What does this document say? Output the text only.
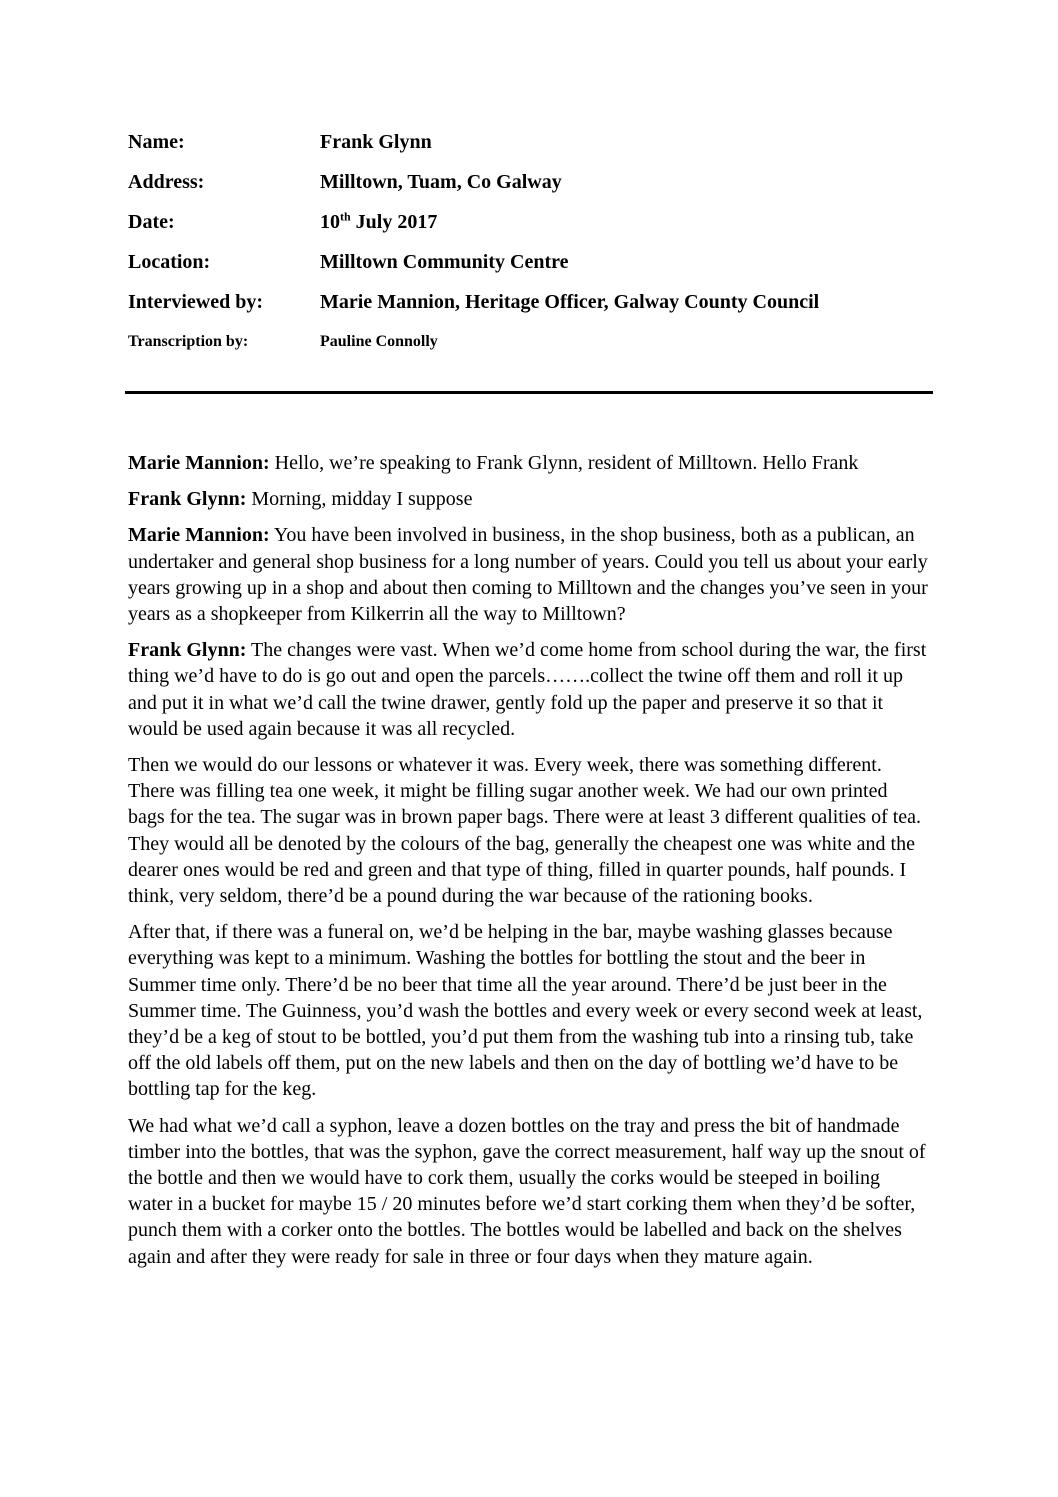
Name:	Frank Glynn
Address:	Milltown, Tuam, Co Galway
Date:	10th July 2017
Location:	Milltown Community Centre
Interviewed by:	Marie Mannion, Heritage Officer, Galway County Council
Transcription by:	Pauline Connolly

Marie Mannion: Hello, we’re speaking to Frank Glynn, resident of Milltown. Hello Frank

Frank Glynn: Morning, midday I suppose

Marie Mannion: You have been involved in business, in the shop business, both as a publican, an undertaker and general shop business for a long number of years. Could you tell us about your early years growing up in a shop and about then coming to Milltown and the changes you’ve seen in your years as a shopkeeper from Kilkerrin all the way to Milltown?

Frank Glynn: The changes were vast. When we’d come home from school during the war, the first thing we’d have to do is go out and open the parcels…….collect the twine off them and roll it up and put it in what we’d call the twine drawer, gently fold up the paper and preserve it so that it would be used again because it was all recycled.

Then we would do our lessons or whatever it was. Every week, there was something different. There was filling tea one week, it might be filling sugar another week. We had our own printed bags for the tea. The sugar was in brown paper bags. There were at least 3 different qualities of tea. They would all be denoted by the colours of the bag, generally the cheapest one was white and the dearer ones would be red and green and that type of thing, filled in quarter pounds, half pounds. I think, very seldom, there’d be a pound during the war because of the rationing books.

After that, if there was a funeral on, we’d be helping in the bar, maybe washing glasses because everything was kept to a minimum. Washing the bottles for bottling the stout and the beer in Summer time only. There’d be no beer that time all the year around. There’d be just beer in the Summer time. The Guinness, you’d wash the bottles and every week or every second week at least, they’d be a keg of stout to be bottled, you’d put them from the washing tub into a rinsing tub, take off the old labels off them, put on the new labels and then on the day of bottling we’d have to be bottling tap for the keg.

We had what we’d call a syphon, leave a dozen bottles on the tray and press the bit of handmade timber into the bottles, that was the syphon, gave the correct measurement, half way up the snout of the bottle and then we would have to cork them, usually the corks would be steeped in boiling water in a bucket for maybe 15 / 20 minutes before we’d start corking them when they’d be softer, punch them with a corker onto the bottles. The bottles would be labelled and back on the shelves again and after they were ready for sale in three or four days when they mature again.
